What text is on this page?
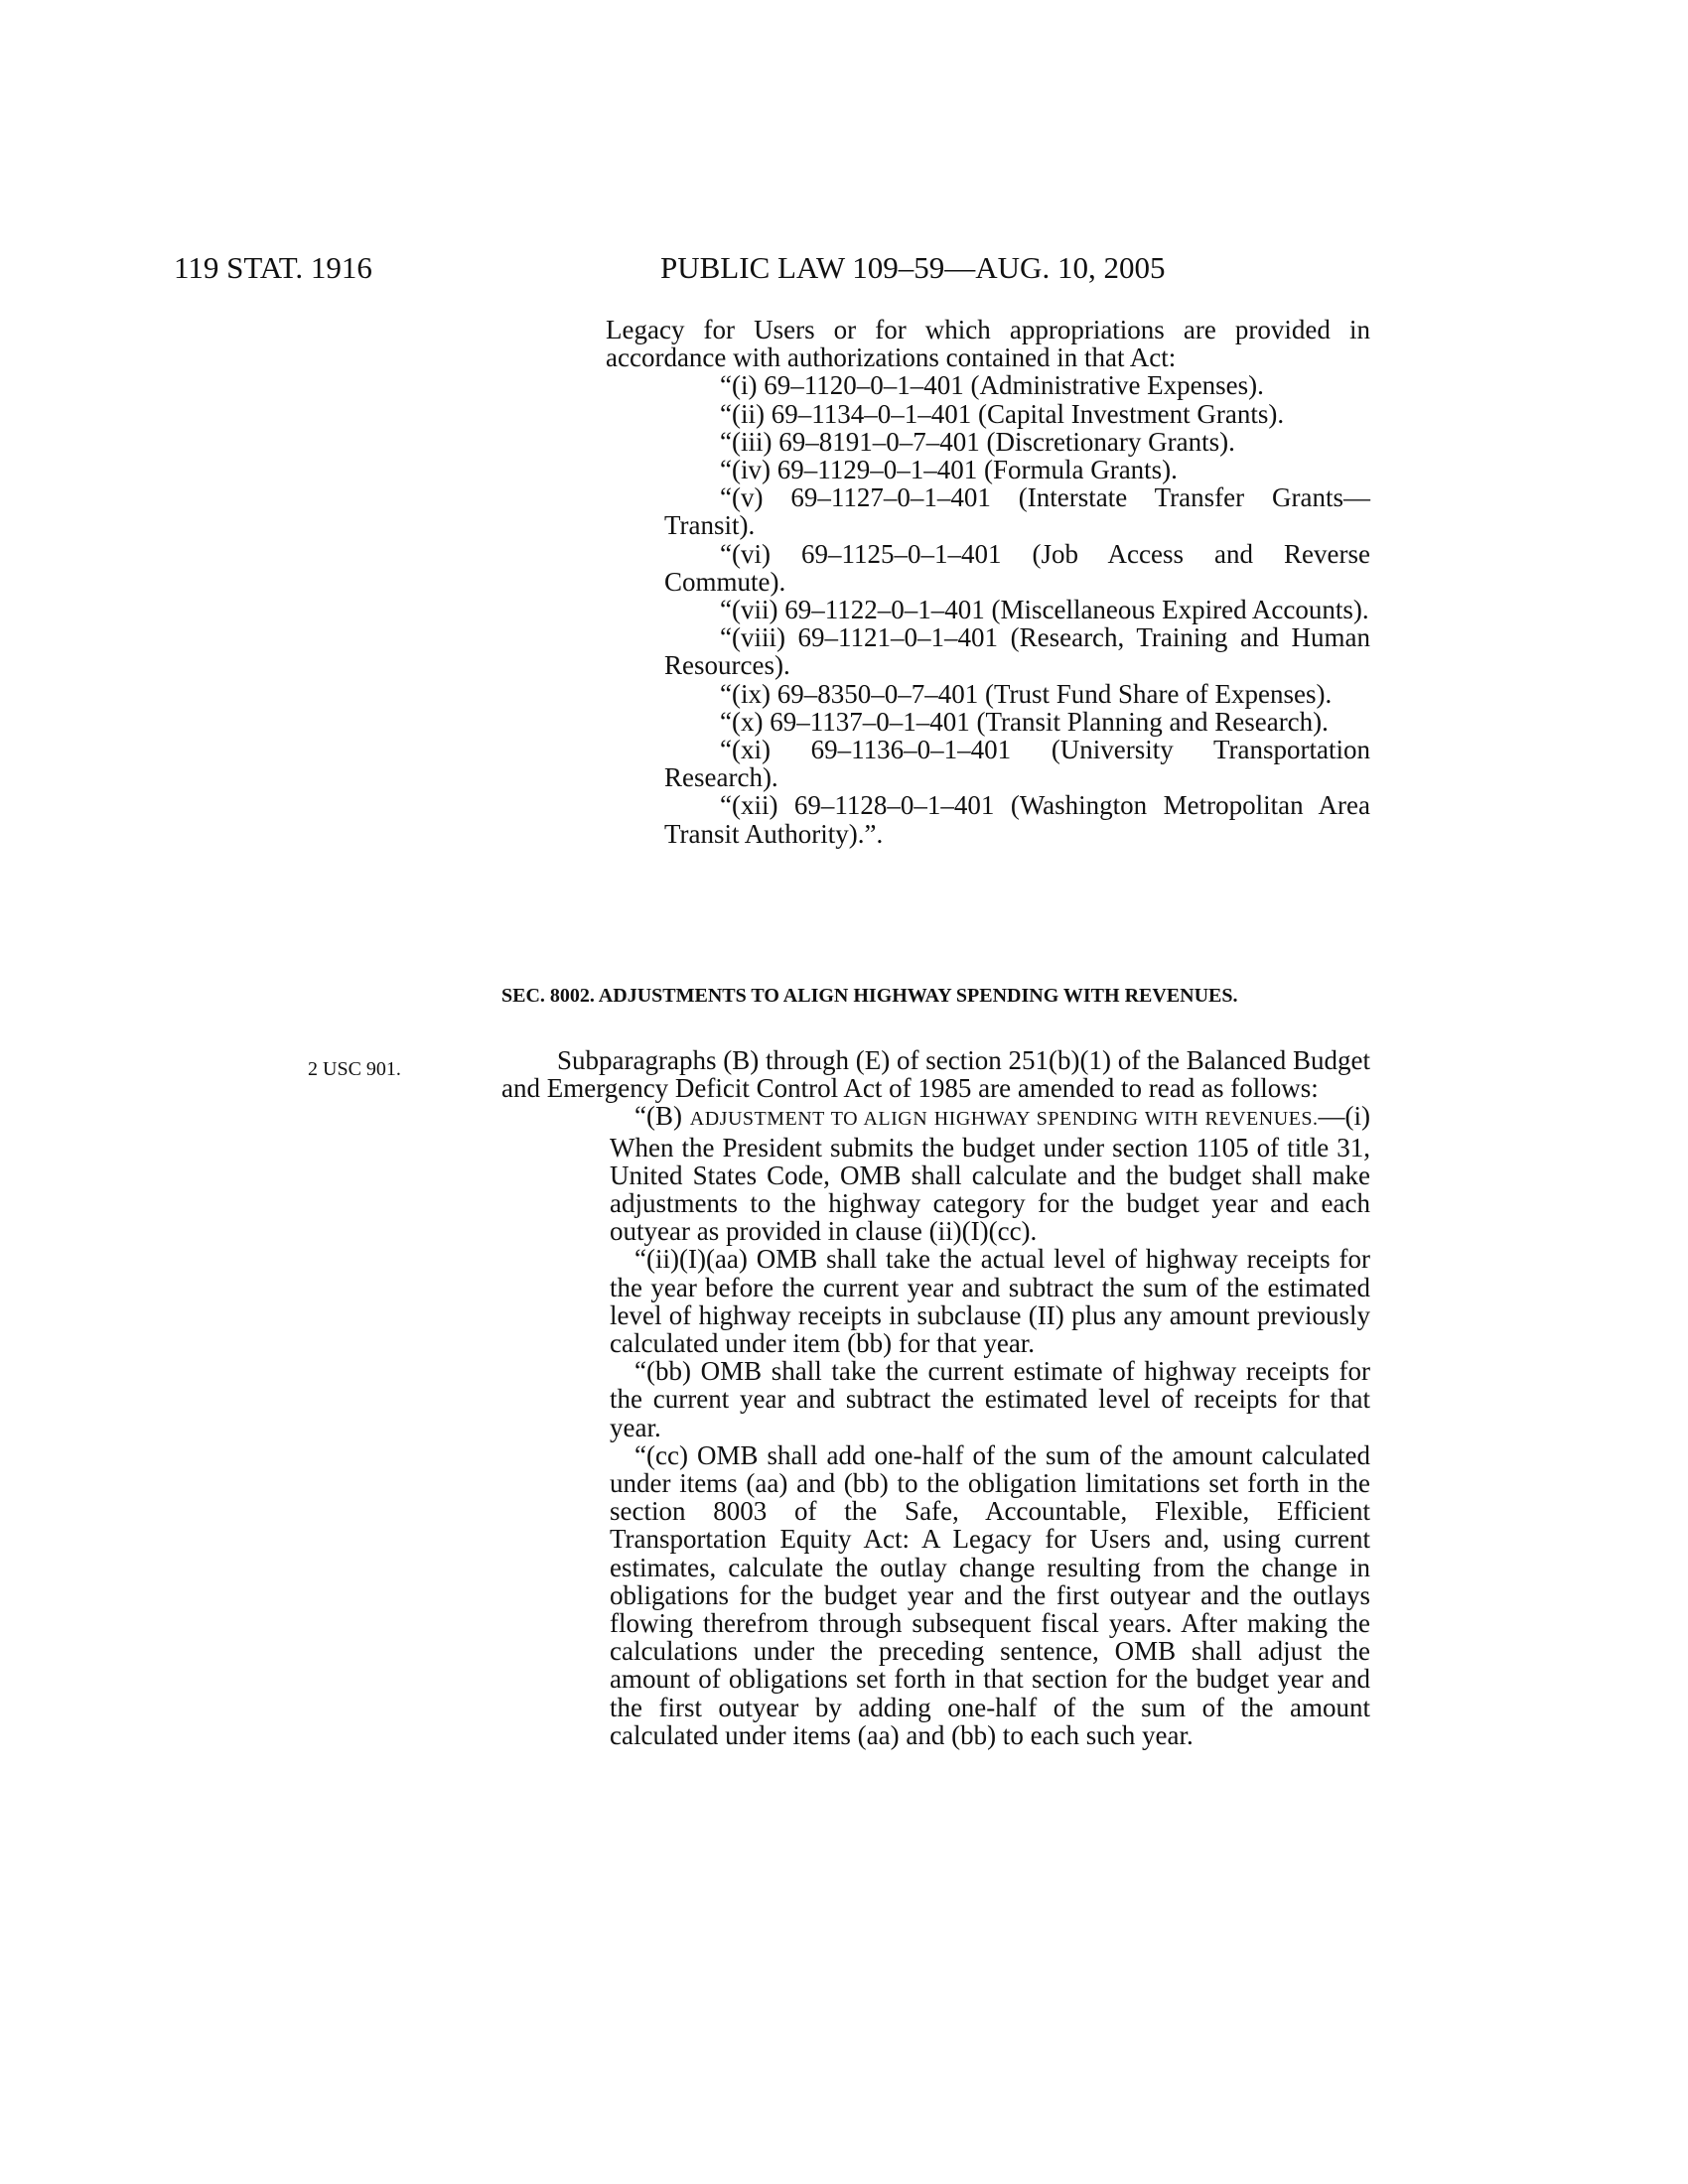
119 STAT. 1916	PUBLIC LAW 109–59—AUG. 10, 2005

Legacy for Users or for which appropriations are provided in accordance with authorizations contained in that Act:

“(i) 69–1120–0–1–401 (Administrative Expenses).

“(ii) 69–1134–0–1–401 (Capital Investment Grants).

“(iii) 69–8191–0–7–401 (Discretionary Grants).

“(iv) 69–1129–0–1–401 (Formula Grants).

“(v) 69–1127–0–1–401 (Interstate Transfer Grants—Transit).

“(vi) 69–1125–0–1–401 (Job Access and Reverse Commute).

“(vii) 69–1122–0–1–401 (Miscellaneous Expired Accounts).

“(viii) 69–1121–0–1–401 (Research, Training and Human Resources).

“(ix) 69–8350–0–7–401 (Trust Fund Share of Expenses).

“(x) 69–1137–0–1–401 (Transit Planning and Research).

“(xi) 69–1136–0–1–401 (University Transportation Research).

“(xii) 69–1128–0–1–401 (Washington Metropolitan Area Transit Authority).”.

SEC. 8002. ADJUSTMENTS TO ALIGN HIGHWAY SPENDING WITH REVENUES.
2 USC 901.	Subparagraphs (B) through (E) of section 251(b)(1) of the Balanced Budget and Emergency Deficit Control Act of 1985 are amended to read as follows:

“(B) ADJUSTMENT TO ALIGN HIGHWAY SPENDING WITH REVENUES.—(i) When the President submits the budget under section 1105 of title 31, United States Code, OMB shall calculate and the budget shall make adjustments to the highway category for the budget year and each outyear as provided in clause (ii)(I)(cc).

“(ii)(I)(aa) OMB shall take the actual level of highway receipts for the year before the current year and subtract the sum of the estimated level of highway receipts in subclause (II) plus any amount previously calculated under item (bb) for that year.

“(bb) OMB shall take the current estimate of highway receipts for the current year and subtract the estimated level of receipts for that year.

“(cc) OMB shall add one-half of the sum of the amount calculated under items (aa) and (bb) to the obligation limitations set forth in the section 8003 of the Safe, Accountable, Flexible, Efficient Transportation Equity Act: A Legacy for Users and, using current estimates, calculate the outlay change resulting from the change in obligations for the budget year and the first outyear and the outlays flowing therefrom through subsequent fiscal years. After making the calculations under the preceding sentence, OMB shall adjust the amount of obligations set forth in that section for the budget year and the first outyear by adding one-half of the sum of the amount calculated under items (aa) and (bb) to each such year.
